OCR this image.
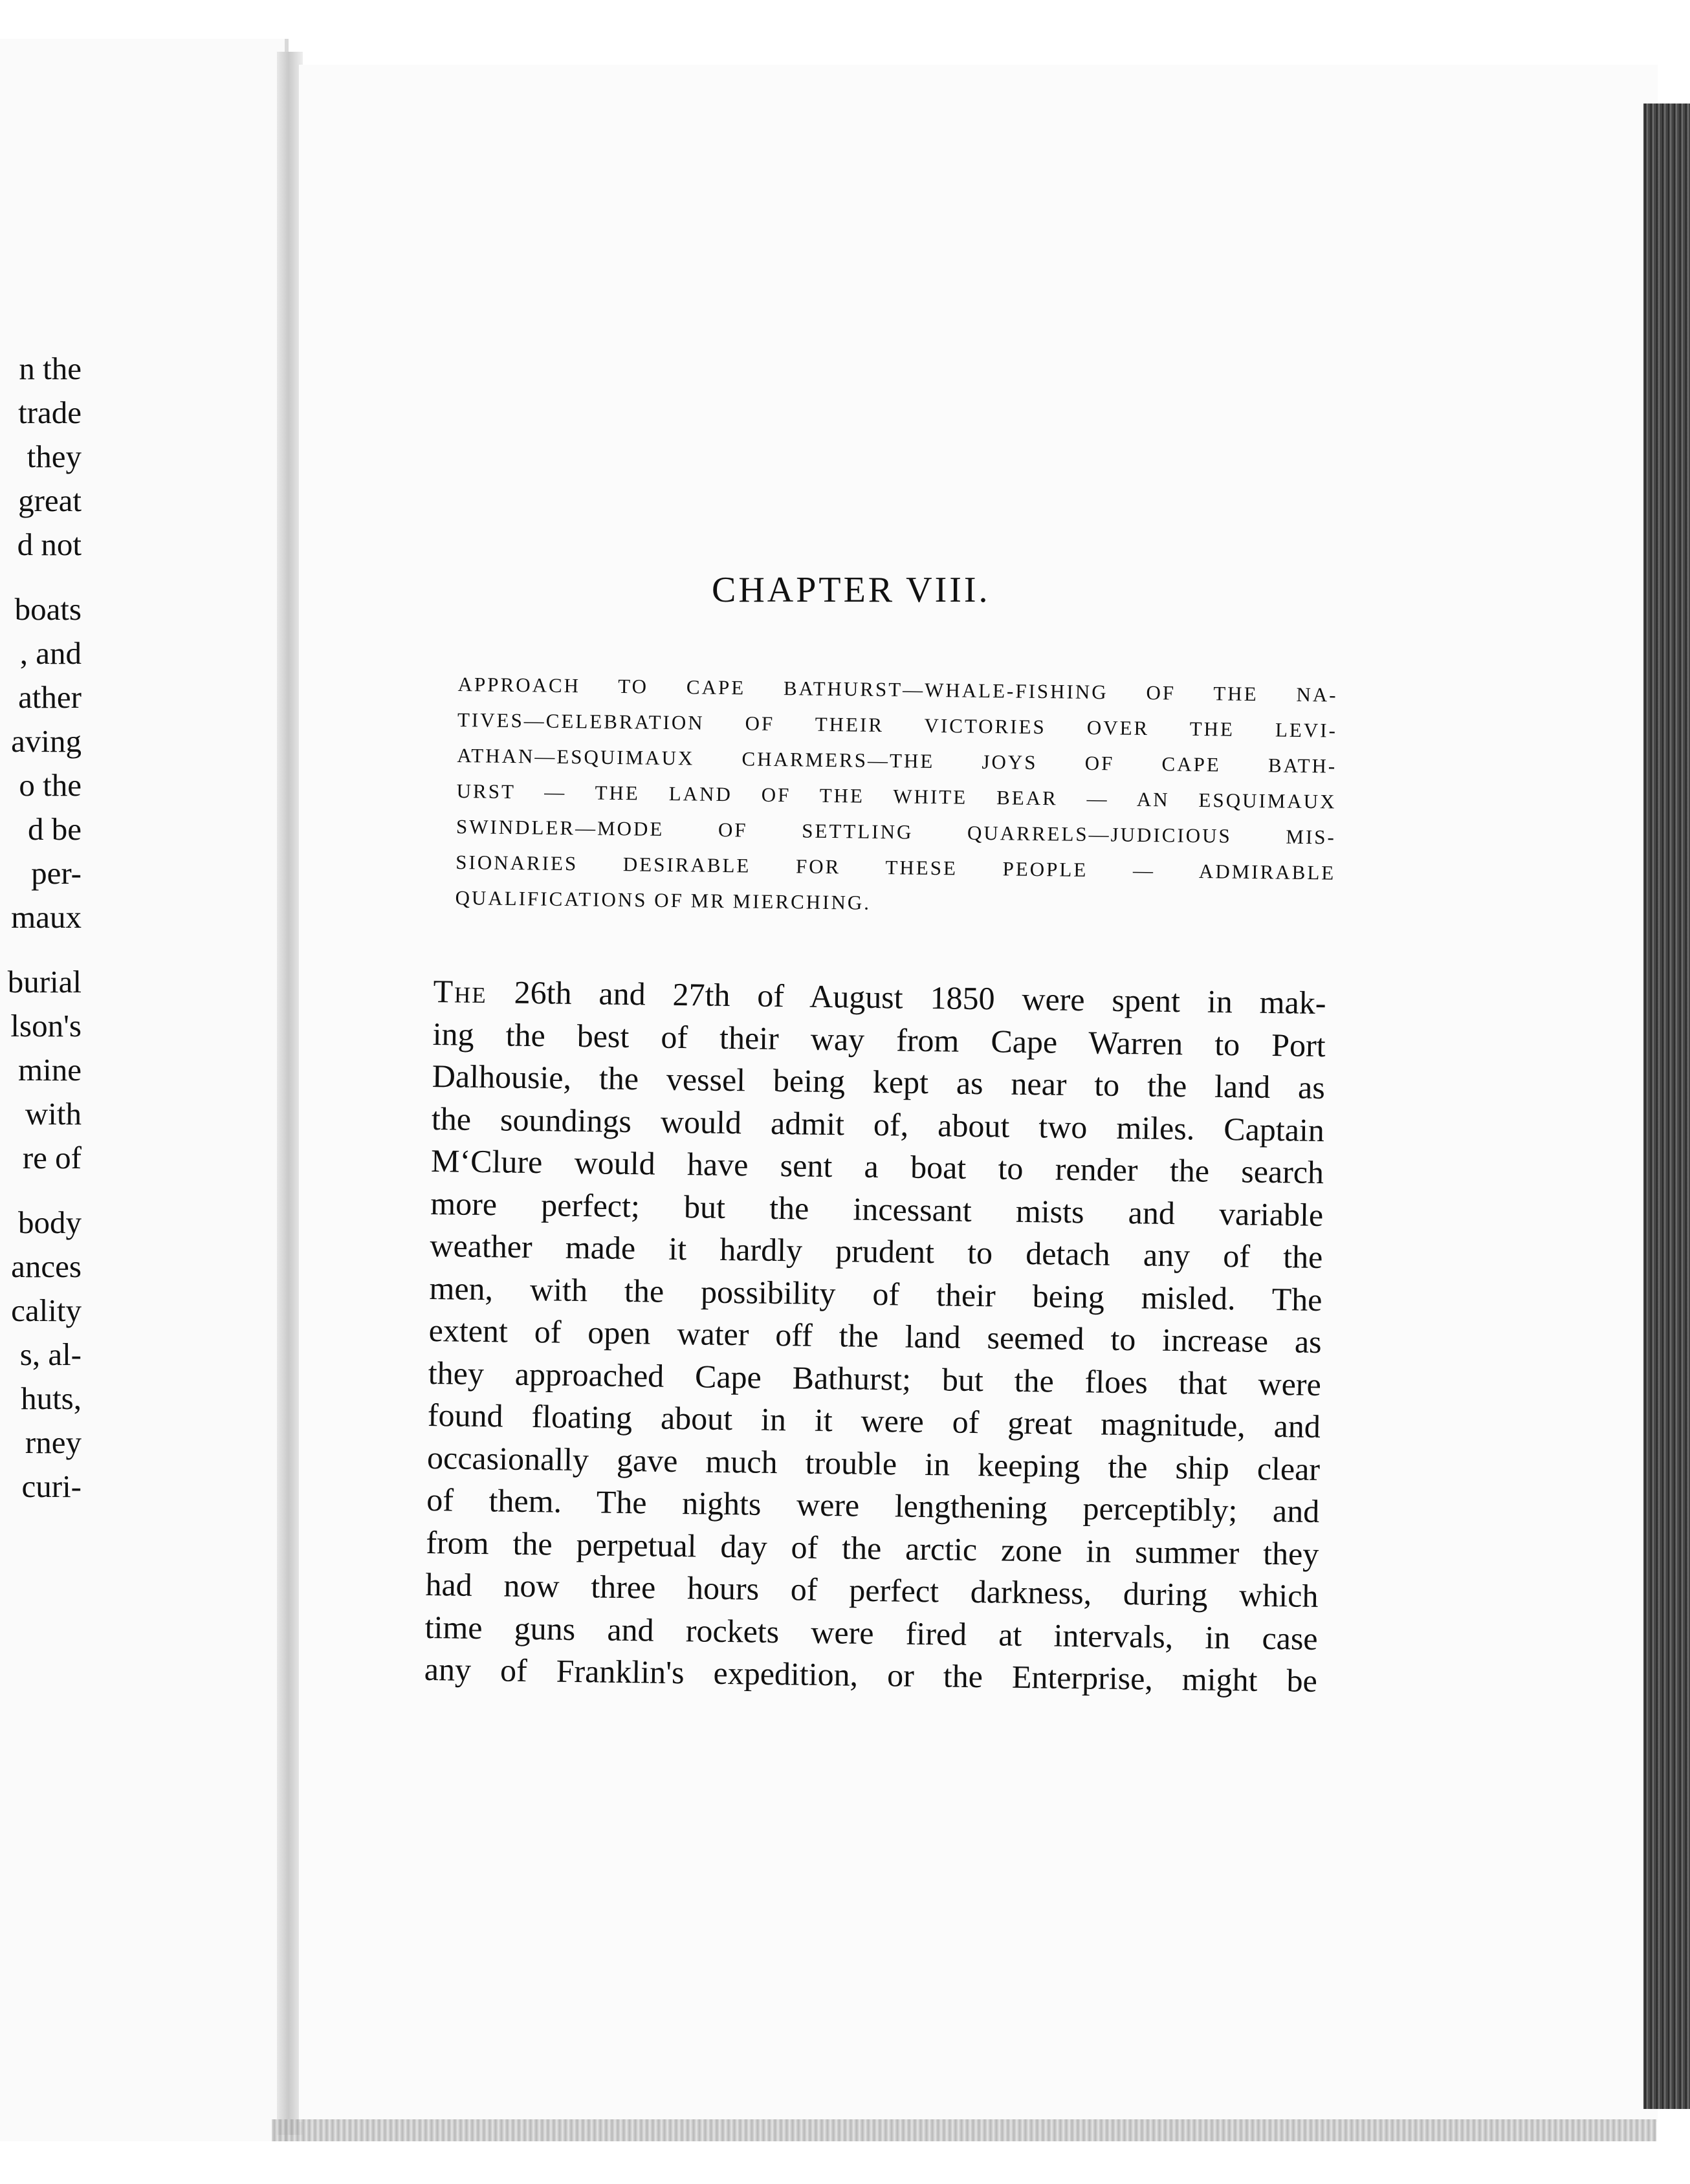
n the
trade
they
great
d not
boats
, and
ather
aving
o the
d be
per-
maux
burial
lson's
mine
with
re of
body
ances
cality
s, al-
huts,
rney
curi-
CHAPTER VIII.
APPROACH TO CAPE BATHURST—WHALE-FISHING OF THE NA-
TIVES—CELEBRATION OF THEIR VICTORIES OVER THE LEVI-
ATHAN—ESQUIMAUX CHARMERS—THE JOYS OF CAPE BATH-
URST — THE LAND OF THE WHITE BEAR — AN ESQUIMAUX
SWINDLER—MODE OF SETTLING QUARRELS—JUDICIOUS MIS-
SIONARIES DESIRABLE FOR THESE PEOPLE — ADMIRABLE
QUALIFICATIONS OF MR MIERCHING.
The 26th and 27th of August 1850 were spent in mak-
ing the best of their way from Cape Warren to Port
Dalhousie, the vessel being kept as near to the land as
the soundings would admit of, about two miles. Captain
M‘Clure would have sent a boat to render the search
more perfect; but the incessant mists and variable
weather made it hardly prudent to detach any of the
men, with the possibility of their being misled. The
extent of open water off the land seemed to increase as
they approached Cape Bathurst; but the floes that were
found floating about in it were of great magnitude, and
occasionally gave much trouble in keeping the ship clear
of them. The nights were lengthening perceptibly; and
from the perpetual day of the arctic zone in summer they
had now three hours of perfect darkness, during which
time guns and rockets were fired at intervals, in case
any of Franklin's expedition, or the Enterprise, might be
